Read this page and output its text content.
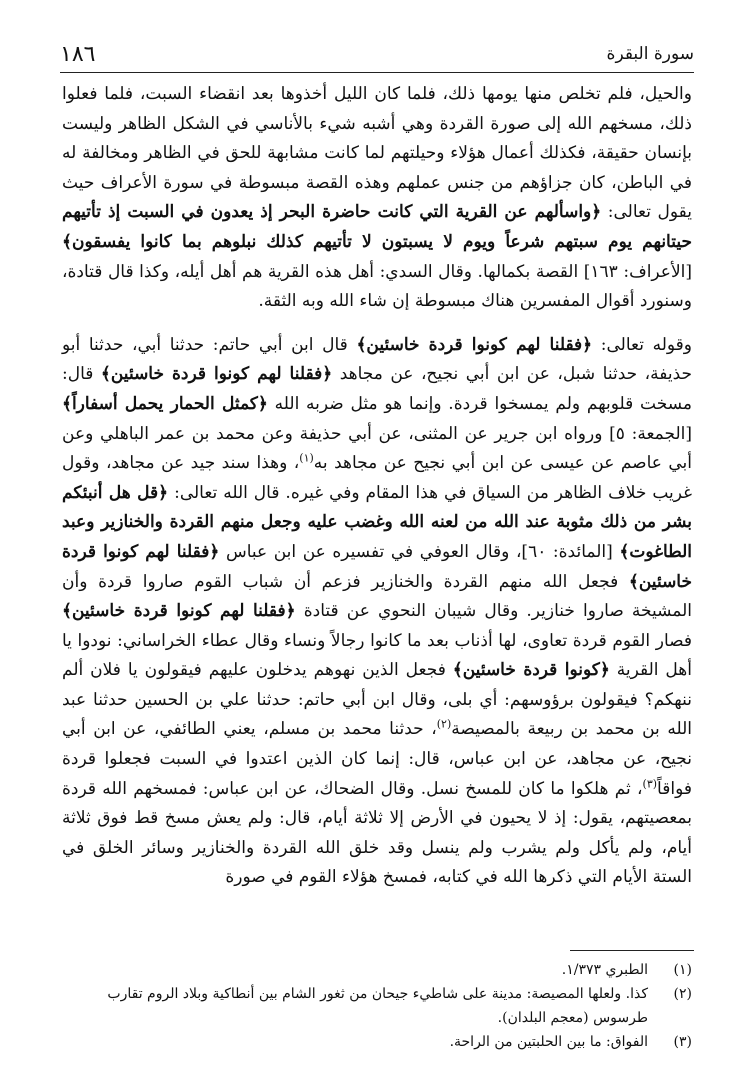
١٨٦	سورة البقرة

والحيل، فلم تخلص منها يومها ذلك، فلما كان الليل أخذوها بعد انقضاء السبت، فلما فعلوا ذلك، مسخهم الله إلى صورة القردة وهي أشبه شيء بالأناسي في الشكل الظاهر وليست بإنسان حقيقة، فكذلك أعمال هؤلاء وحيلتهم لما كانت مشابهة للحق في الظاهر ومخالفة له في الباطن، كان جزاؤهم من جنس عملهم وهذه القصة مبسوطة في سورة الأعراف حيث يقول تعالى: ﴿واسألهم عن القرية التي كانت حاضرة البحر إذ يعدون في السبت إذ تأتيهم حيتانهم يوم سبتهم شرعاً ويوم لا يسبتون لا تأتيهم كذلك نبلوهم بما كانوا يفسقون﴾ [الأعراف: ١٦٣] القصة بكمالها. وقال السدي: أهل هذه القرية هم أهل أيله، وكذا قال قتادة، وسنورد أقوال المفسرين هناك مبسوطة إن شاء الله وبه الثقة.

وقوله تعالى: ﴿فقلنا لهم كونوا قردة خاسئين﴾ قال ابن أبي حاتم: حدثنا أبي، حدثنا أبو حذيفة، حدثنا شبل، عن ابن أبي نجيح، عن مجاهد ﴿فقلنا لهم كونوا قردة خاسئين﴾ قال: مسخت قلوبهم ولم يمسخوا قردة. وإنما هو مثل ضربه الله ﴿كمثل الحمار يحمل أسفاراً﴾ [الجمعة: ٥] ورواه ابن جرير عن المثنى، عن أبي حذيفة وعن محمد بن عمر الباهلي وعن أبي عاصم عن عيسى عن ابن أبي نجيح عن مجاهد به$^{(١)}$، وهذا سند جيد عن مجاهد، وقول غريب خلاف الظاهر من السياق في هذا المقام وفي غيره. قال الله تعالى: ﴿قل هل أنبئكم بشر من ذلك مثوبة عند الله من لعنه الله وغضب عليه وجعل منهم القردة والخنازير وعبد الطاغوت﴾ [المائدة: ٦٠]، وقال العوفي في تفسيره عن ابن عباس ﴿فقلنا لهم كونوا قردة خاسئين﴾ فجعل الله منهم القردة والخنازير فزعم أن شباب القوم صاروا قردة وأن المشيخة صاروا خنازير. وقال شيبان النحوي عن قتادة ﴿فقلنا لهم كونوا قردة خاسئين﴾ فصار القوم قردة تعاوى، لها أذناب بعد ما كانوا رجالاً ونساء وقال عطاء الخراساني: نودوا يا أهل القرية ﴿كونوا قردة خاسئين﴾ فجعل الذين نهوهم يدخلون عليهم فيقولون يا فلان ألم ننهكم؟ فيقولون برؤوسهم: أي بلى، وقال ابن أبي حاتم: حدثنا علي بن الحسين حدثنا عبد الله بن محمد بن ربيعة بالمصيصة$^{(٢)}$، حدثنا محمد بن مسلم، يعني الطائفي، عن ابن أبي نجيح، عن مجاهد، عن ابن عباس، قال: إنما كان الذين اعتدوا في السبت فجعلوا قردة فواقاً$^{(٣)}$، ثم هلكوا ما كان للمسخ نسل. وقال الضحاك، عن ابن عباس: فمسخهم الله قردة بمعصيتهم، يقول: إذ لا يحيون في الأرض إلا ثلاثة أيام، قال: ولم يعش مسخ قط فوق ثلاثة أيام، ولم يأكل ولم يشرب ولم ينسل وقد خلق الله القردة والخنازير وسائر الخلق في الستة الأيام التي ذكرها الله في كتابه، فمسخ هؤلاء القوم في صورة

(١)
الطبري ١/٣٧٣.
(٢)
كذا. ولعلها المصيصة: مدينة على شاطيء جيحان من ثغور الشام بين أنطاكية وبلاد الروم تقارب طرسوس (معجم البلدان).
(٣)
الفواق: ما بين الحلبتين من الراحة.
